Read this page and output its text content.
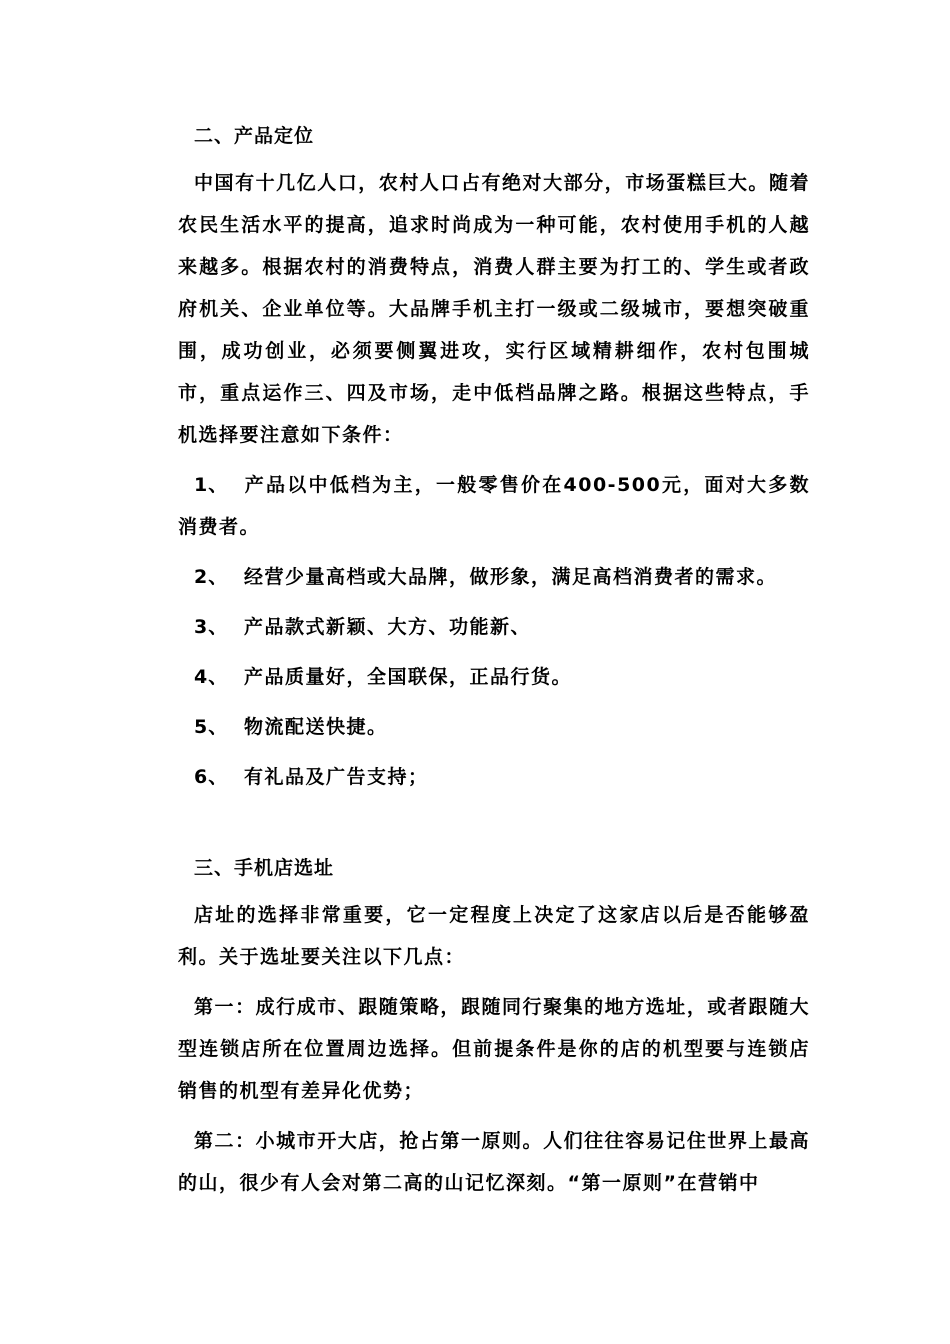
二、产品定位
中国有十几亿人口，农村人口占有绝对大部分，市场蛋糕巨大。随着农民生活水平的提高，追求时尚成为一种可能，农村使用手机的人越来越多。根据农村的消费特点，消费人群主要为打工的、学生或者政府机关、企业单位等。大品牌手机主打一级或二级城市，要想突破重围，成功创业，必须要侧翼进攻，实行区域精耕细作，农村包围城市，重点运作三、四及市场，走中低档品牌之路。根据这些特点，手机选择要注意如下条件：
1、 产品以中低档为主，一般零售价在400-500元，面对大多数消费者。
2、 经营少量高档或大品牌，做形象，满足高档消费者的需求。
3、 产品款式新颖、大方、功能新、
4、 产品质量好，全国联保，正品行货。
5、 物流配送快捷。
6、 有礼品及广告支持；
三、手机店选址
店址的选择非常重要，它一定程度上决定了这家店以后是否能够盈利。关于选址要关注以下几点：
第一：成行成市、跟随策略，跟随同行聚集的地方选址，或者跟随大型连锁店所在位置周边选择。但前提条件是你的店的机型要与连锁店销售的机型有差异化优势；
第二：小城市开大店，抢占第一原则。人们往往容易记住世界上最高的山，很少有人会对第二高的山记忆深刻。“第一原则”在营销中
